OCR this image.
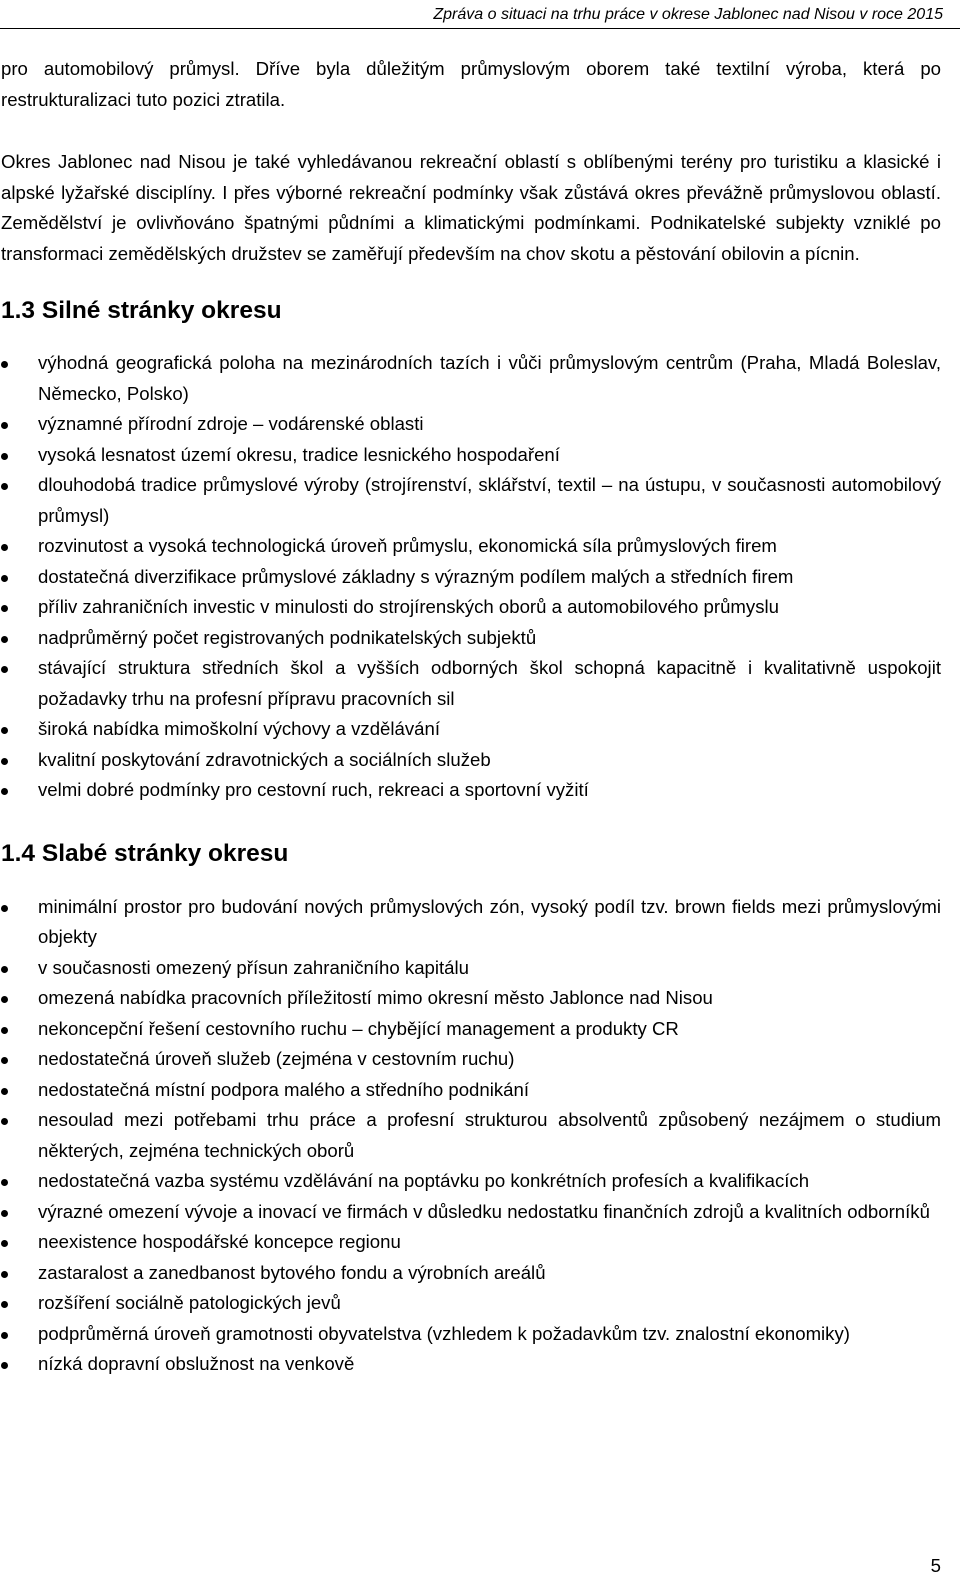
Zpráva o situaci na trhu práce v okrese Jablonec nad Nisou v roce 2015

pro automobilový průmysl. Dříve byla důležitým průmyslovým oborem také textilní výroba, která po restrukturalizaci tuto pozici ztratila.

Okres Jablonec nad Nisou je také vyhledávanou rekreační oblastí s oblíbenými terény pro turistiku a klasické i alpské lyžařské disciplíny. I přes výborné rekreační podmínky však zůstává okres převážně průmyslovou oblastí. Zemědělství je ovlivňováno špatnými půdními a klimatickými podmínkami. Podnikatelské subjekty vzniklé po transformaci zemědělských družstev se zaměřují především na chov skotu a pěstování obilovin a pícnin.

1.3 Silné stránky okresu
výhodná geografická poloha na mezinárodních tazích i vůči průmyslovým centrům (Praha, Mladá Boleslav, Německo, Polsko)
významné přírodní zdroje – vodárenské oblasti
vysoká lesnatost území okresu, tradice lesnického hospodaření
dlouhodobá tradice průmyslové výroby (strojírenství, sklářství, textil – na ústupu, v současnosti automobilový průmysl)
rozvinutost a vysoká technologická úroveň průmyslu, ekonomická síla průmyslových firem
dostatečná diverzifikace průmyslové základny s výrazným podílem malých a středních firem
příliv zahraničních investic v minulosti do strojírenských oborů a automobilového průmyslu
nadprůměrný počet registrovaných podnikatelských subjektů
stávající struktura středních škol a vyšších odborných škol schopná kapacitně i kvalitativně uspokojit požadavky trhu na profesní přípravu pracovních sil
široká nabídka mimoškolní výchovy a vzdělávání
kvalitní poskytování zdravotnických a sociálních služeb
velmi dobré podmínky pro cestovní ruch, rekreaci a sportovní vyžití
1.4 Slabé stránky okresu
minimální prostor pro budování nových průmyslových zón, vysoký podíl tzv. brown fields mezi průmyslovými objekty
v současnosti omezený přísun zahraničního kapitálu
omezená nabídka pracovních příležitostí mimo okresní město Jablonce nad Nisou
nekoncepční řešení cestovního ruchu – chybějící management a produkty CR
nedostatečná úroveň služeb (zejména v cestovním ruchu)
nedostatečná místní podpora malého a středního podnikání
nesoulad mezi potřebami trhu práce a profesní strukturou absolventů způsobený nezájmem o studium některých, zejména technických oborů
nedostatečná vazba systému vzdělávání na poptávku po konkrétních profesích a kvalifikacích
výrazné omezení vývoje a inovací ve firmách v důsledku nedostatku finančních zdrojů a kvalitních odborníků
neexistence hospodářské koncepce regionu
zastaralost a zanedbanost bytového fondu a výrobních areálů
rozšíření sociálně patologických jevů
podprůměrná úroveň gramotnosti obyvatelstva (vzhledem k požadavkům tzv. znalostní ekonomiky)
nízká dopravní obslužnost na venkově
5
